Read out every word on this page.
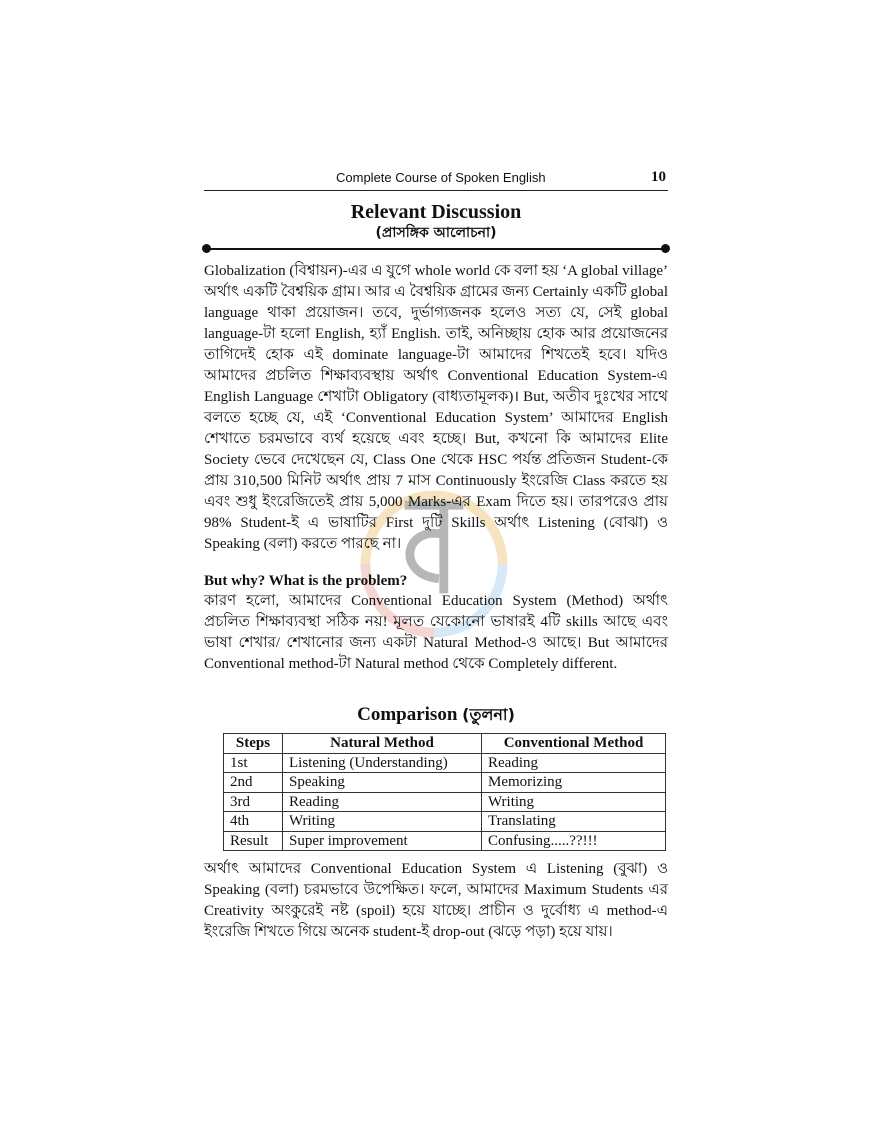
Complete Course of Spoken English	10
Relevant Discussion
(প্রাসঙ্গিক আলোচনা)

Globalization (বিশ্বায়ন)-এর এ যুগে whole world কে বলা হয় ‘A global village’ অর্থাৎ একটি বৈশ্বয়িক গ্রাম। আর এ বৈশ্বয়িক গ্রামের জন্য Certainly একটি global language থাকা প্রয়োজন। তবে, দুর্ভাগ্যজনক হলেও সত্য যে, সেই global language-টা হলো English, হ্যাঁ English. তাই, অনিচ্ছায় হোক আর প্রয়োজনের তাগিদেই হোক এই dominate language-টা আমাদের শিখতেই হবে। যদিও আমাদের প্রচলিত শিক্ষাব্যবস্থায় অর্থাৎ Conventional Education System-এ English Language শেখাটা Obligatory (বাধ্যতামূলক)। But, অতীব দুঃখের সাথে বলতে হচ্ছে যে, এই ‘Conventional Education System’ আমাদের English শেখাতে চরমভাবে ব্যর্থ হয়েছে এবং হচ্ছে। But, কখনো কি আমাদের Elite Society ভেবে দেখেছেন যে, Class One থেকে HSC পর্যন্ত প্রতিজন Student-কে প্রায় 310,500 মিনিট অর্থাৎ প্রায় 7 মাস Continuously ইংরেজি Class করতে হয় এবং শুধু ইংরেজিতেই প্রায় 5,000 Marks-এর Exam দিতে হয়। তারপরেও প্রায় 98% Student-ই এ ভাষাটির First দুটি Skills অর্থাৎ Listening (বোঝা) ও Speaking (বলা) করতে পারছে না।

But why? What is the problem?
কারণ হলো, আমাদের Conventional Education System (Method) অর্থাৎ প্রচলিত শিক্ষাব্যবস্থা সঠিক নয়! মূলত যেকোনো ভাষারই 4টি skills আছে এবং ভাষা শেখার/ শেখানোর জন্য একটা Natural Method-ও আছে। But আমাদের Conventional method-টা Natural method থেকে Completely different.
Comparison (তুলনা)
Steps	Natural Method	Conventional Method
1st	Listening (Understanding)	Reading
2nd	Speaking	Memorizing
3rd	Reading	Writing
4th	Writing	Translating
Result	Super improvement	Confusing.....??!!!
অর্থাৎ আমাদের Conventional Education System এ Listening (বুঝা) ও Speaking (বলা) চরমভাবে উপেক্ষিত। ফলে, আমাদের Maximum Students এর Creativity অংকুরেই নষ্ট (spoil) হয়ে যাচ্ছে। প্রাচীন ও দুর্বোধ্য এ method-এ ইংরেজি শিখতে গিয়ে অনেক student-ই drop-out (ঝড়ে পড়া) হয়ে যায়।
